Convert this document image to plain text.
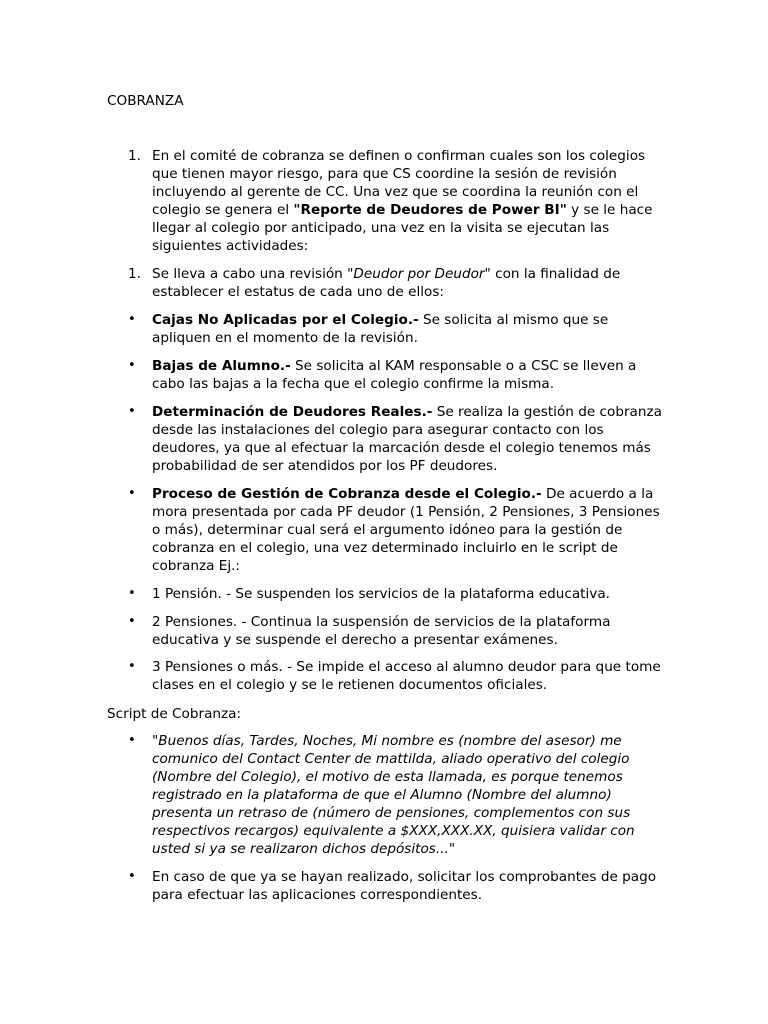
COBRANZA
1. En el comité de cobranza se definen o confirman cuales son los colegios que tienen mayor riesgo, para que CS coordine la sesión de revisión incluyendo al gerente de CC. Una vez que se coordina la reunión con el colegio se genera el "Reporte de Deudores de Power BI" y se le hace llegar al colegio por anticipado, una vez en la visita se ejecutan las siguientes actividades:

1. Se lleva a cabo una revisión "Deudor por Deudor" con la finalidad de establecer el estatus de cada uno de ellos:

• Cajas No Aplicadas por el Colegio.- Se solicita al mismo que se apliquen en el momento de la revisión.

• Bajas de Alumno.- Se solicita al KAM responsable o a CSC se lleven a cabo las bajas a la fecha que el colegio confirme la misma.

• Determinación de Deudores Reales.- Se realiza la gestión de cobranza desde las instalaciones del colegio para asegurar contacto con los deudores, ya que al efectuar la marcación desde el colegio tenemos más probabilidad de ser atendidos por los PF deudores.

• Proceso de Gestión de Cobranza desde el Colegio.- De acuerdo a la mora presentada por cada PF deudor (1 Pensión, 2 Pensiones, 3 Pensiones o más), determinar cual será el argumento idóneo para la gestión de cobranza en el colegio, una vez determinado incluirlo en le script de cobranza Ej.:

• 1 Pensión. - Se suspenden los servicios de la plataforma educativa.

• 2 Pensiones. - Continua la suspensión de servicios de la plataforma educativa y se suspende el derecho a presentar exámenes.

• 3 Pensiones o más. - Se impide el acceso al alumno deudor para que tome clases en el colegio y se le retienen documentos oficiales.

Script de Cobranza:
• "Buenos días, Tardes, Noches, Mi nombre es (nombre del asesor) me comunico del Contact Center de mattilda, aliado operativo del colegio (Nombre del Colegio), el motivo de esta llamada, es porque tenemos registrado en la plataforma de que el Alumno (Nombre del alumno) presenta un retraso de (número de pensiones, complementos con sus respectivos recargos) equivalente a $XXX,XXX.XX, quisiera validar con usted si ya se realizaron dichos depósitos..."

• En caso de que ya se hayan realizado, solicitar los comprobantes de pago para efectuar las aplicaciones correspondientes.
